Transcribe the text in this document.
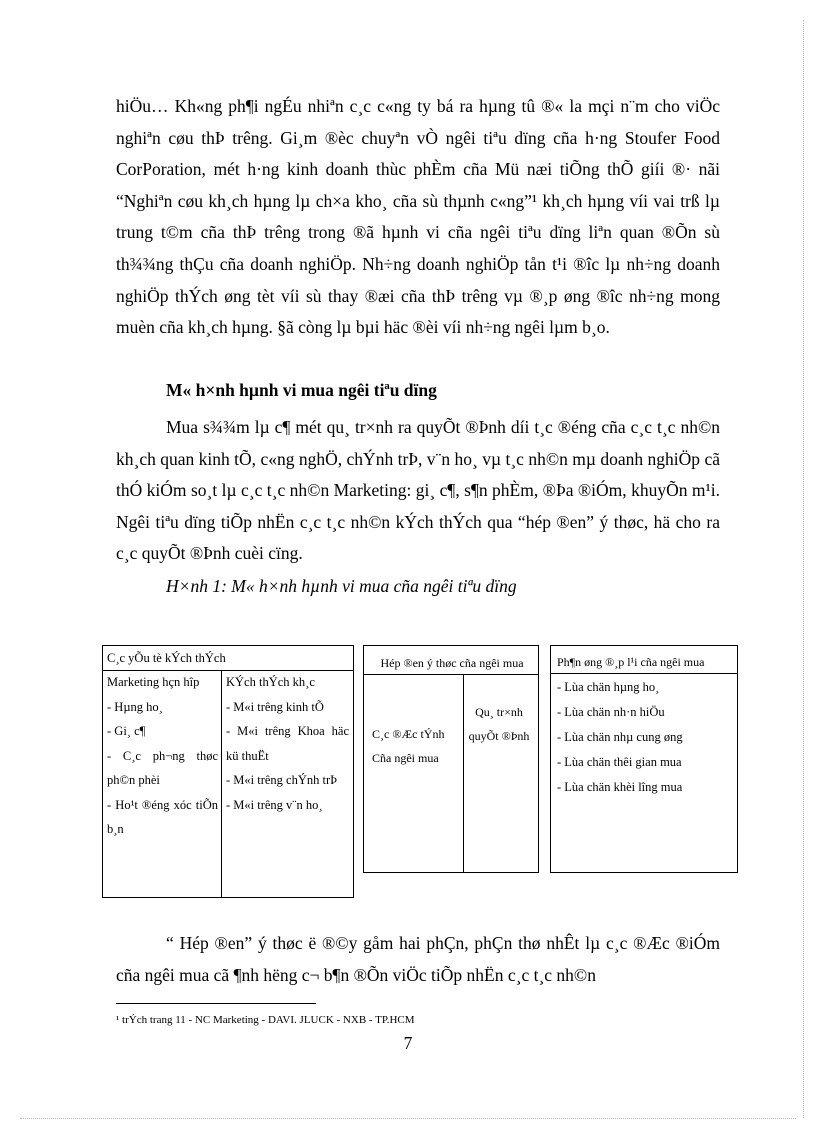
hiÖu… Kh«ng ph¶i ngÉu nhiªn c¸c c«ng ty bá ra hµng tû ®« la mçi n¨m cho viÖc nghiªn cøu thÞ trêng. Gi¸m ®èc chuyªn vÒ ngêi tiªu dïng cña h·ng Stoufer Food CorPoration, mét h·ng kinh doanh thùc phÈm cña Mü næi tiÕng thÕ giíi ®· nãi “Nghiªn cøu kh¸ch hµng lµ ch×a kho¸ cña sù thµnh c«ng”¹ kh¸ch hµng víi vai trß lµ trung t©m cña thÞ trêng trong ®ã hµnh vi cña ngêi tiªu dïng liªn quan ®Õn sù th¾¾ng thÇu cña doanh nghiÖp. Nh÷ng doanh nghiÖp tån t¹i ®îc lµ nh÷ng doanh nghiÖp thÝch øng tèt víi sù thay ®æi cña thÞ trêng vµ ®¸p øng ®îc nh÷ng mong muèn cña kh¸ch hµng. §ã còng lµ bµi häc ®èi víi nh÷ng ngêi lµm b¸o.

M« h×nh hµnh vi mua ngêi tiªu dïng

Mua s¾¾m lµ c¶ mét qu¸ tr×nh ra quyÕt ®Þnh díi t¸c ®éng cña c¸c t¸c nh©n kh¸ch quan kinh tÕ, c«ng nghÖ, chÝnh trÞ, v¨n ho¸ vµ t¸c nh©n mµ doanh nghiÖp cã thÓ kiÓm so¸t lµ c¸c t¸c nh©n Marketing: gi¸ c¶, s¶n phÈm, ®Þa ®iÓm, khuyÕn m¹i. Ngêi tiªu dïng tiÕp nhËn c¸c t¸c nh©n kÝch thÝch qua “hép ®en” ý thøc, hä cho ra c¸c quyÕt ®Þnh cuèi cïng.

H×nh 1: M« h×nh hµnh vi mua cña ngêi tiªu dïng

C¸c yÕu tè kÝch thÝch
Marketing hçn hîp
- Hµng ho¸
- Gi¸ c¶
- C¸c ph¬ng thøc ph©n phèi
- Ho¹t ®éng xóc tiÕn b¸n
KÝch thÝch kh¸c
- M«i trêng kinh tÕ
- M«i trêng Khoa häc kü thuËt
- M«i trêng chÝnh trÞ
- M«i trêng v¨n ho¸
Hép ®en ý thøc cña ngêi mua
C¸c ®Æc tÝnh Cña ngêi mua
Qu¸ tr×nh quyÕt ®Þnh
Ph¶n øng ®¸p l¹i cña ngêi mua
- Lùa chän hµng ho¸
- Lùa chän nh·n hiÖu
- Lùa chän nhµ cung øng
- Lùa chän thêi gian mua
- Lùa chän khèi lîng mua

“ Hép ®en” ý thøc ë ®©y gåm hai phÇn, phÇn thø nhÊt lµ c¸c ®Æc ®iÓm cña ngêi mua cã ¶nh hëng c¬ b¶n ®Õn viÖc tiÕp nhËn c¸c t¸c nh©n

¹ trÝch trang 11 - NC Marketing - DAVI. JLUCK - NXB - TP.HCM

7
